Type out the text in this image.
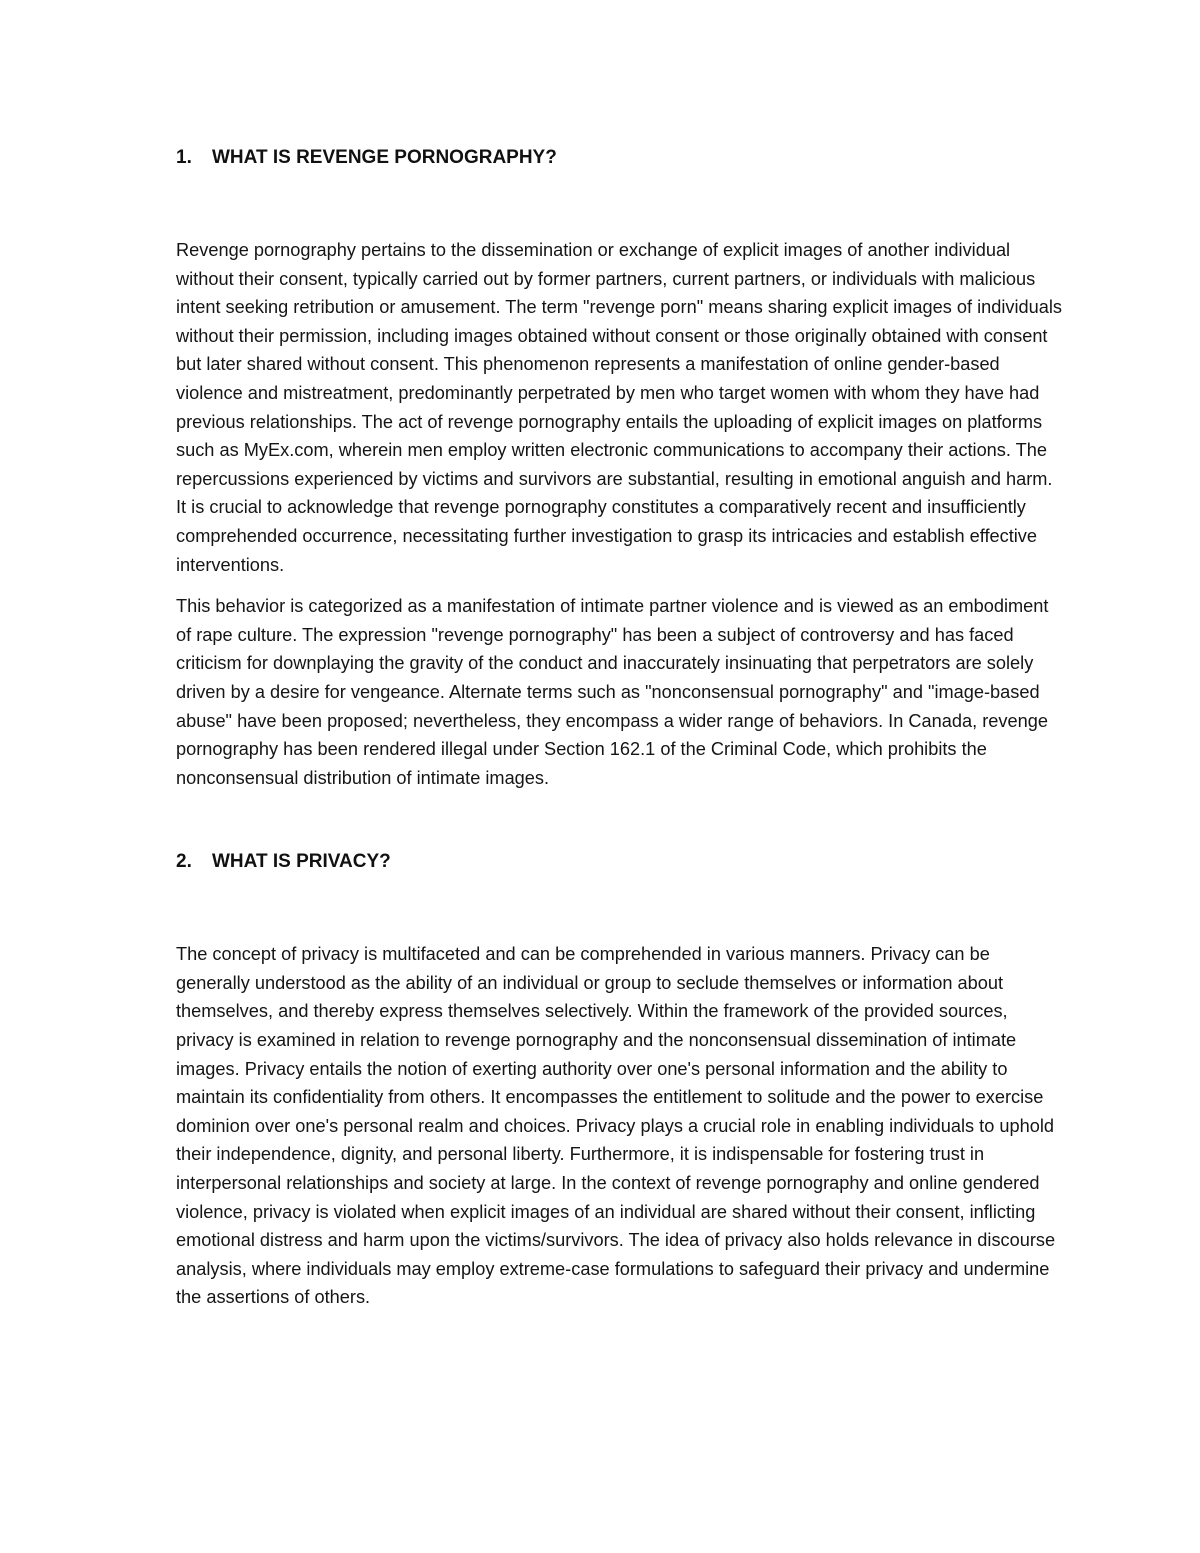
1.	WHAT IS REVENGE PORNOGRAPHY?

Revenge pornography pertains to the dissemination or exchange of explicit images of another individual without their consent, typically carried out by former partners, current partners, or individuals with malicious intent seeking retribution or amusement. The term "revenge porn" means sharing explicit images of individuals without their permission, including images obtained without consent or those originally obtained with consent but later shared without consent. This phenomenon represents a manifestation of online gender-based violence and mistreatment, predominantly perpetrated by men who target women with whom they have had previous relationships. The act of revenge pornography entails the uploading of explicit images on platforms such as MyEx.com, wherein men employ written electronic communications to accompany their actions. The repercussions experienced by victims and survivors are substantial, resulting in emotional anguish and harm. It is crucial to acknowledge that revenge pornography constitutes a comparatively recent and insufficiently comprehended occurrence, necessitating further investigation to grasp its intricacies and establish effective interventions.

This behavior is categorized as a manifestation of intimate partner violence and is viewed as an embodiment of rape culture. The expression "revenge pornography" has been a subject of controversy and has faced criticism for downplaying the gravity of the conduct and inaccurately insinuating that perpetrators are solely driven by a desire for vengeance. Alternate terms such as "nonconsensual pornography" and "image-based abuse" have been proposed; nevertheless, they encompass a wider range of behaviors. In Canada, revenge pornography has been rendered illegal under Section 162.1 of the Criminal Code, which prohibits the nonconsensual distribution of intimate images.

2.	WHAT IS PRIVACY?

The concept of privacy is multifaceted and can be comprehended in various manners. Privacy can be generally understood as the ability of an individual or group to seclude themselves or information about themselves, and thereby express themselves selectively. Within the framework of the provided sources, privacy is examined in relation to revenge pornography and the nonconsensual dissemination of intimate images. Privacy entails the notion of exerting authority over one's personal information and the ability to maintain its confidentiality from others. It encompasses the entitlement to solitude and the power to exercise dominion over one's personal realm and choices. Privacy plays a crucial role in enabling individuals to uphold their independence, dignity, and personal liberty. Furthermore, it is indispensable for fostering trust in interpersonal relationships and society at large. In the context of revenge pornography and online gendered violence, privacy is violated when explicit images of an individual are shared without their consent, inflicting emotional distress and harm upon the victims/survivors. The idea of privacy also holds relevance in discourse analysis, where individuals may employ extreme-case formulations to safeguard their privacy and undermine the assertions of others.
